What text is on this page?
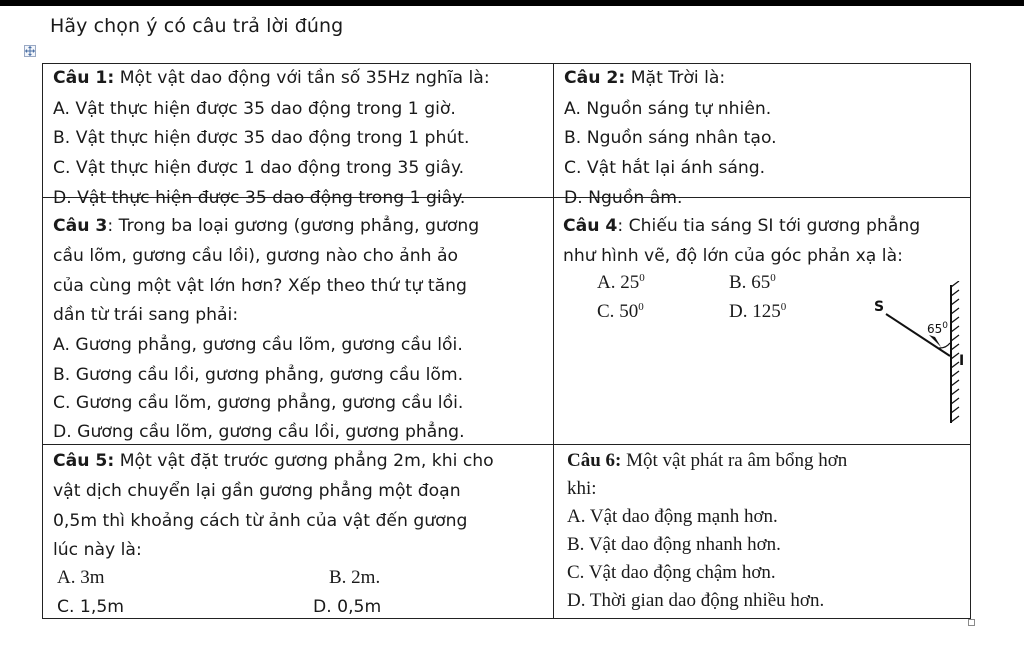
Hãy chọn ý có câu trả lời đúng
Câu 1: Một vật dao động với tần số 35Hz nghĩa là:
A. Vật thực hiện được 35 dao động trong 1 giờ.
B. Vật thực hiện được 35 dao động trong 1 phút.
C. Vật thực hiện được 1 dao động trong 35 giây.
D. Vật thực hiện được 35 dao động trong 1 giây.
Câu 2: Mặt Trời là:
A. Nguồn sáng tự nhiên.
B. Nguồn sáng nhân tạo.
C. Vật hắt lại ánh sáng.
D. Nguồn âm.
Câu 3: Trong ba loại gương (gương phẳng, gương
cầu lõm, gương cầu lồi), gương nào cho ảnh ảo
của cùng một vật lớn hơn? Xếp theo thứ tự tăng
dần từ trái sang phải:
A. Gương phẳng, gương cầu lõm, gương cầu lồi.
B. Gương cầu lồi, gương phẳng, gương cầu lõm.
C. Gương cầu lõm, gương phẳng, gương cầu lồi.
D. Gương cầu lõm, gương cầu lồi, gương phẳng.
Câu 4: Chiếu tia sáng SI tới gương phẳng
như hình vẽ, độ lớn của góc phản xạ là:
A. $25^0$	B. $65^0$
C. $50^0$	D. $125^0$	S
I
$65^0$
Câu 5: Một vật đặt trước gương phẳng 2m, khi cho
vật dịch chuyển lại gần gương phẳng một đoạn
0,5m thì khoảng cách từ ảnh của vật đến gương
lúc này là:
A. 3m	B. 2m.
C. 1,5m	D. 0,5m
Câu 6: Một vật phát ra âm bổng hơn
khi:
A. Vật dao động mạnh hơn.
B. Vật dao động nhanh hơn.
C. Vật dao động chậm hơn.
D. Thời gian dao động nhiều hơn.
